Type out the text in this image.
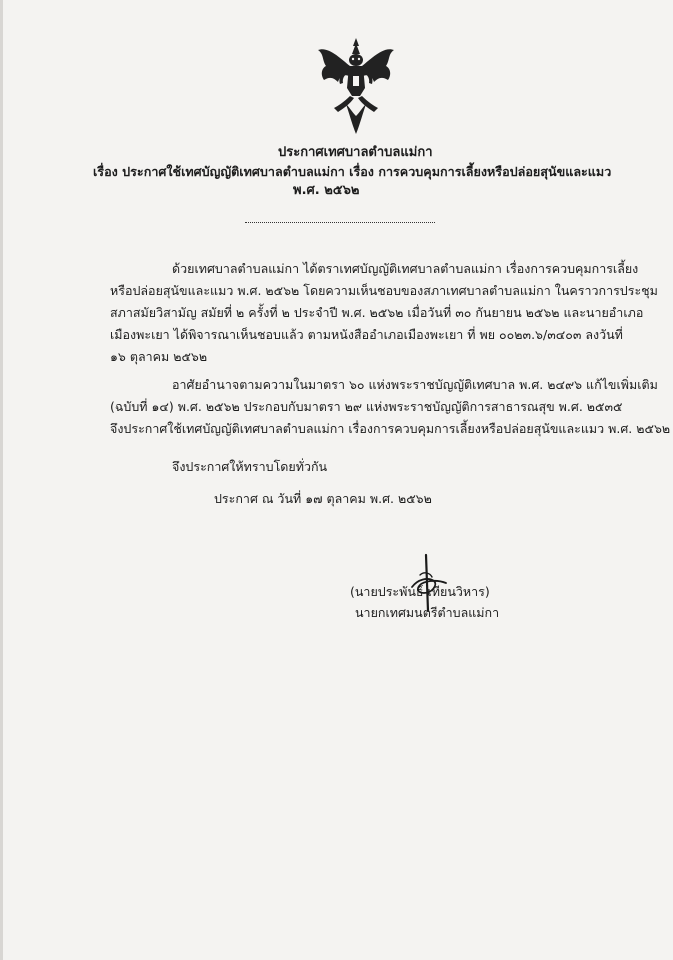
ประกาศเทศบาลตำบลแม่กา
เรื่อง ประกาศใช้เทศบัญญัติเทศบาลตำบลแม่กา เรื่อง การควบคุมการเลี้ยงหรือปล่อยสุนัขและแมว
พ.ศ. ๒๕๖๒
ด้วยเทศบาลตำบลแม่กา ได้ตราเทศบัญญัติเทศบาลตำบลแม่กา เรื่องการควบคุมการเลี้ยง
หรือปล่อยสุนัขและแมว พ.ศ. ๒๕๖๒ โดยความเห็นชอบของสภาเทศบาลตำบลแม่กา ในคราวการประชุม
สภาสมัยวิสามัญ สมัยที่ ๒ ครั้งที่ ๒ ประจำปี พ.ศ. ๒๕๖๒ เมื่อวันที่ ๓๐ กันยายน ๒๕๖๒ และนายอำเภอ
เมืองพะเยา ได้พิจารณาเห็นชอบแล้ว ตามหนังสืออำเภอเมืองพะเยา ที่ พย ๐๐๒๓.๖/๓๔๐๓ ลงวันที่
๑๖ ตุลาคม ๒๕๖๒
อาศัยอำนาจตามความในมาตรา ๖๐ แห่งพระราชบัญญัติเทศบาล พ.ศ. ๒๔๙๖ แก้ไขเพิ่มเติม
(ฉบับที่ ๑๔) พ.ศ. ๒๕๖๒ ประกอบกับมาตรา ๒๙ แห่งพระราชบัญญัติการสาธารณสุข พ.ศ. ๒๕๓๕
จึงประกาศใช้เทศบัญญัติเทศบาลตำบลแม่กา เรื่องการควบคุมการเลี้ยงหรือปล่อยสุนัขและแมว พ.ศ. ๒๕๖๒
จึงประกาศให้ทราบโดยทั่วกัน
ประกาศ ณ วันที่ ๑๗ ตุลาคม พ.ศ. ๒๕๖๒
(นายประพันธ์ เทียนวิหาร)
นายกเทศมนตรีตำบลแม่กา
